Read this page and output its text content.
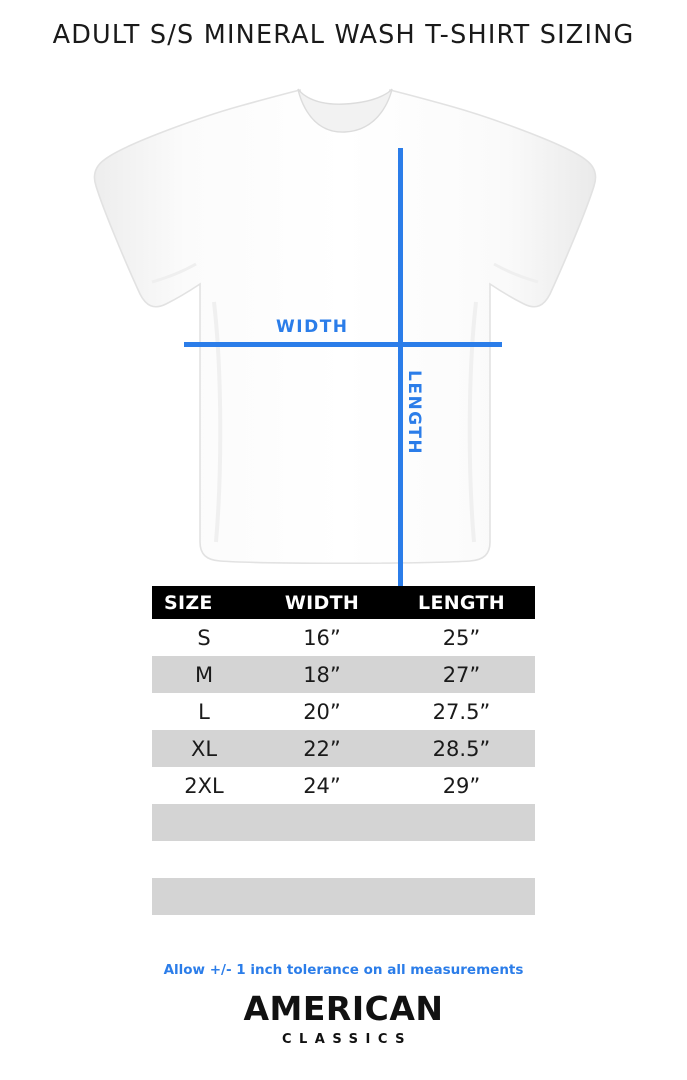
ADULT S/S MINERAL WASH T-SHIRT SIZING
WIDTH
LENGTH
SIZE	WIDTH	LENGTH
S	16”	25”
M	18”	27”
L	20”	27.5”
XL	22”	28.5”
2XL	24”	29”

Allow +/- 1 inch tolerance on all measurements
AMERICAN
CLASSICS
